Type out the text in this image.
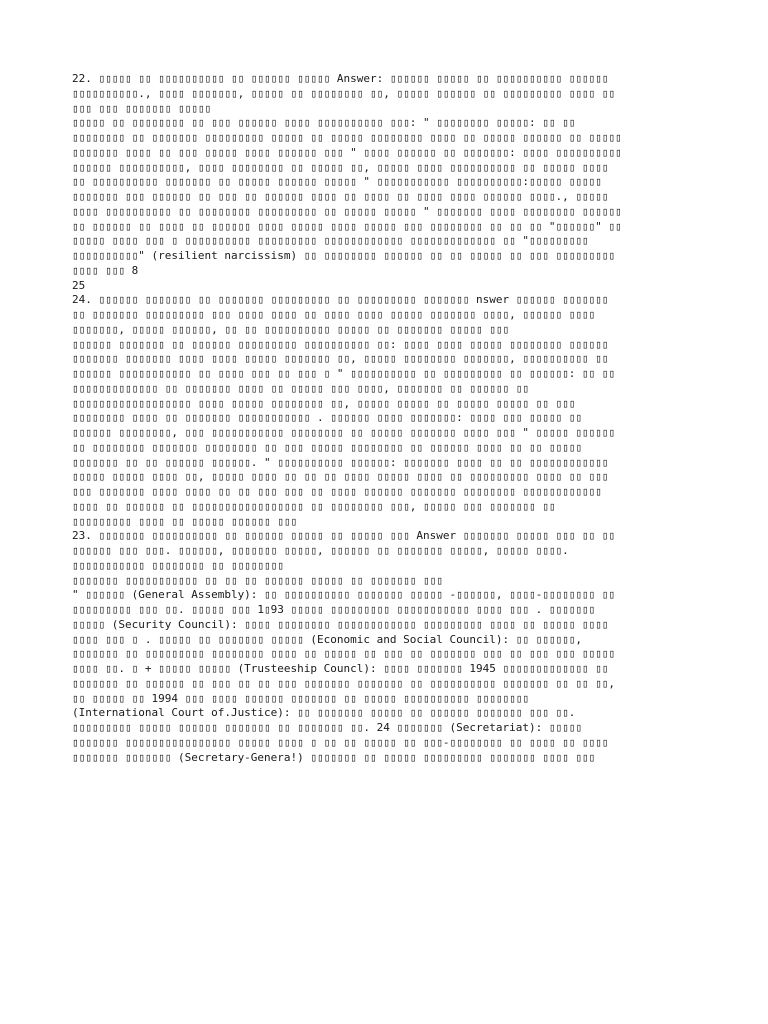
22. ▯▯▯▯▯ ▯▯ ▯▯▯▯▯▯▯▯▯▯ ▯▯ ▯▯▯▯▯▯ ▯▯▯▯▯ Answer: ▯▯▯▯▯▯ ▯▯▯▯▯ ▯▯ ▯▯▯▯▯▯▯▯▯▯ ▯▯▯▯▯▯
▯▯▯▯▯▯▯▯▯▯., ▯▯▯▯ ▯▯▯▯▯▯▯, ▯▯▯▯▯ ▯▯ ▯▯▯▯▯▯▯▯ ▯▯, ▯▯▯▯▯ ▯▯▯▯▯▯ ▯▯ ▯▯▯▯▯▯▯▯▯ ▯▯▯▯ ▯▯
▯▯▯ ▯▯▯ ▯▯▯▯▯▯▯ ▯▯▯▯▯
▯▯▯▯▯ ▯▯ ▯▯▯▯▯▯▯▯ ▯▯ ▯▯▯ ▯▯▯▯▯▯ ▯▯▯▯ ▯▯▯▯▯▯▯▯▯▯ ▯▯▯: " ▯▯▯▯▯▯▯▯ ▯▯▯▯▯: ▯▯ ▯▯
▯▯▯▯▯▯▯▯ ▯▯ ▯▯▯▯▯▯▯ ▯▯▯▯▯▯▯▯▯ ▯▯▯▯▯ ▯▯ ▯▯▯▯▯ ▯▯▯▯▯▯▯▯ ▯▯▯▯ ▯▯ ▯▯▯▯▯ ▯▯▯▯▯▯ ▯▯ ▯▯▯▯▯
▯▯▯▯▯▯▯ ▯▯▯▯ ▯▯ ▯▯▯ ▯▯▯▯▯ ▯▯▯▯ ▯▯▯▯▯▯ ▯▯▯ " ▯▯▯▯ ▯▯▯▯▯▯ ▯▯ ▯▯▯▯▯▯▯: ▯▯▯▯ ▯▯▯▯▯▯▯▯▯▯
▯▯▯▯▯▯ ▯▯▯▯▯▯▯▯▯▯, ▯▯▯▯ ▯▯▯▯▯▯▯▯ ▯▯ ▯▯▯▯▯ ▯▯, ▯▯▯▯▯ ▯▯▯▯ ▯▯▯▯▯▯▯▯▯▯ ▯▯ ▯▯▯▯▯ ▯▯▯▯
▯▯ ▯▯▯▯▯▯▯▯▯▯ ▯▯▯▯▯▯▯ ▯▯ ▯▯▯▯▯ ▯▯▯▯▯▯ ▯▯▯▯▯ " ▯▯▯▯▯▯▯▯▯▯▯ ▯▯▯▯▯▯▯▯▯▯:▯▯▯▯▯ ▯▯▯▯▯
▯▯▯▯▯▯▯ ▯▯▯ ▯▯▯▯▯▯ ▯▯ ▯▯▯ ▯▯ ▯▯▯▯▯▯ ▯▯▯▯ ▯▯ ▯▯▯▯ ▯▯ ▯▯▯▯ ▯▯▯▯ ▯▯▯▯▯▯ ▯▯▯▯., ▯▯▯▯▯
▯▯▯▯ ▯▯▯▯▯▯▯▯▯▯ ▯▯ ▯▯▯▯▯▯▯▯ ▯▯▯▯▯▯▯▯▯ ▯▯ ▯▯▯▯▯ ▯▯▯▯▯ " ▯▯▯▯▯▯▯ ▯▯▯▯ ▯▯▯▯▯▯▯▯ ▯▯▯▯▯▯
▯▯ ▯▯▯▯▯▯ ▯▯ ▯▯▯▯ ▯▯ ▯▯▯▯▯▯ ▯▯▯▯ ▯▯▯▯▯ ▯▯▯▯ ▯▯▯▯▯ ▯▯▯ ▯▯▯▯▯▯▯▯ ▯▯ ▯▯ ▯▯ "▯▯▯▯▯▯" ▯▯
▯▯▯▯▯ ▯▯▯▯ ▯▯▯ ▯ ▯▯▯▯▯▯▯▯▯▯ ▯▯▯▯▯▯▯▯▯ ▯▯▯▯▯▯▯▯▯▯▯▯ ▯▯▯▯▯▯▯▯▯▯▯▯▯ ▯▯ "▯▯▯▯▯▯▯▯▯
▯▯▯▯▯▯▯▯▯▯" (resilient narcissism) ▯▯ ▯▯▯▯▯▯▯▯ ▯▯▯▯▯▯ ▯▯ ▯▯ ▯▯▯▯▯ ▯▯ ▯▯▯ ▯▯▯▯▯▯▯▯▯
▯▯▯▯ ▯▯▯ 8
25
24. ▯▯▯▯▯▯ ▯▯▯▯▯▯▯ ▯▯ ▯▯▯▯▯▯▯ ▯▯▯▯▯▯▯▯▯ ▯▯ ▯▯▯▯▯▯▯▯▯ ▯▯▯▯▯▯▯ nswer ▯▯▯▯▯▯ ▯▯▯▯▯▯▯
▯▯ ▯▯▯▯▯▯▯ ▯▯▯▯▯▯▯▯▯ ▯▯▯ ▯▯▯▯ ▯▯▯▯ ▯▯ ▯▯▯▯ ▯▯▯▯ ▯▯▯▯▯ ▯▯▯▯▯▯▯ ▯▯▯▯, ▯▯▯▯▯▯ ▯▯▯▯
▯▯▯▯▯▯▯, ▯▯▯▯▯ ▯▯▯▯▯▯, ▯▯ ▯▯ ▯▯▯▯▯▯▯▯▯▯ ▯▯▯▯▯ ▯▯ ▯▯▯▯▯▯▯ ▯▯▯▯▯ ▯▯▯
▯▯▯▯▯▯ ▯▯▯▯▯▯▯ ▯▯ ▯▯▯▯▯▯ ▯▯▯▯▯▯▯▯▯ ▯▯▯▯▯▯▯▯▯▯ ▯▯: ▯▯▯▯ ▯▯▯▯ ▯▯▯▯▯ ▯▯▯▯▯▯▯▯ ▯▯▯▯▯▯
▯▯▯▯▯▯▯ ▯▯▯▯▯▯▯ ▯▯▯▯ ▯▯▯▯ ▯▯▯▯▯ ▯▯▯▯▯▯▯ ▯▯, ▯▯▯▯▯ ▯▯▯▯▯▯▯▯ ▯▯▯▯▯▯▯, ▯▯▯▯▯▯▯▯▯▯ ▯▯
▯▯▯▯▯▯ ▯▯▯▯▯▯▯▯▯▯▯ ▯▯ ▯▯▯▯ ▯▯▯ ▯▯ ▯▯▯ ▯ " ▯▯▯▯▯▯▯▯▯▯ ▯▯ ▯▯▯▯▯▯▯▯▯ ▯▯ ▯▯▯▯▯▯: ▯▯ ▯▯
▯▯▯▯▯▯▯▯▯▯▯▯▯ ▯▯ ▯▯▯▯▯▯▯ ▯▯▯▯ ▯▯ ▯▯▯▯▯ ▯▯▯ ▯▯▯▯, ▯▯▯▯▯▯▯ ▯▯ ▯▯▯▯▯▯ ▯▯
▯▯▯▯▯▯▯▯▯▯▯▯▯▯▯▯▯▯ ▯▯▯▯ ▯▯▯▯▯ ▯▯▯▯▯▯▯▯ ▯▯, ▯▯▯▯▯ ▯▯▯▯▯ ▯▯ ▯▯▯▯▯ ▯▯▯▯▯ ▯▯ ▯▯▯
▯▯▯▯▯▯▯▯ ▯▯▯▯ ▯▯ ▯▯▯▯▯▯▯ ▯▯▯▯▯▯▯▯▯▯▯ . ▯▯▯▯▯▯ ▯▯▯▯ ▯▯▯▯▯▯▯: ▯▯▯▯ ▯▯▯ ▯▯▯▯▯ ▯▯
▯▯▯▯▯▯ ▯▯▯▯▯▯▯▯, ▯▯▯ ▯▯▯▯▯▯▯▯▯▯▯ ▯▯▯▯▯▯▯▯ ▯▯ ▯▯▯▯▯ ▯▯▯▯▯▯▯ ▯▯▯▯ ▯▯▯ " ▯▯▯▯▯ ▯▯▯▯▯▯
▯▯ ▯▯▯▯▯▯▯▯ ▯▯▯▯▯▯▯ ▯▯▯▯▯▯▯▯ ▯▯ ▯▯▯ ▯▯▯▯▯ ▯▯▯▯▯▯▯▯ ▯▯ ▯▯▯▯▯▯ ▯▯▯▯ ▯▯ ▯▯ ▯▯▯▯▯
▯▯▯▯▯▯▯ ▯▯ ▯▯ ▯▯▯▯▯▯ ▯▯▯▯▯▯. " ▯▯▯▯▯▯▯▯▯▯ ▯▯▯▯▯▯: ▯▯▯▯▯▯▯ ▯▯▯▯ ▯▯ ▯▯ ▯▯▯▯▯▯▯▯▯▯▯▯
▯▯▯▯▯ ▯▯▯▯▯ ▯▯▯▯ ▯▯, ▯▯▯▯▯ ▯▯▯▯ ▯▯ ▯▯ ▯▯ ▯▯▯▯ ▯▯▯▯▯ ▯▯▯▯ ▯▯ ▯▯▯▯▯▯▯▯▯ ▯▯▯▯ ▯▯ ▯▯▯
▯▯▯ ▯▯▯▯▯▯▯ ▯▯▯▯ ▯▯▯▯ ▯▯ ▯▯ ▯▯▯ ▯▯▯ ▯▯ ▯▯▯▯ ▯▯▯▯▯▯ ▯▯▯▯▯▯▯ ▯▯▯▯▯▯▯▯ ▯▯▯▯▯▯▯▯▯▯▯▯
▯▯▯▯ ▯▯ ▯▯▯▯▯▯ ▯▯ ▯▯▯▯▯▯▯▯▯▯▯▯▯▯▯▯▯ ▯▯ ▯▯▯▯▯▯▯▯ ▯▯▯, ▯▯▯▯▯ ▯▯▯ ▯▯▯▯▯▯▯ ▯▯
▯▯▯▯▯▯▯▯▯ ▯▯▯▯ ▯▯ ▯▯▯▯▯ ▯▯▯▯▯▯ ▯▯▯
23. ▯▯▯▯▯▯▯ ▯▯▯▯▯▯▯▯▯▯ ▯▯ ▯▯▯▯▯▯ ▯▯▯▯▯ ▯▯ ▯▯▯▯▯ ▯▯▯ Answer ▯▯▯▯▯▯▯ ▯▯▯▯▯ ▯▯▯ ▯▯ ▯▯
▯▯▯▯▯▯ ▯▯▯ ▯▯▯. ▯▯▯▯▯▯, ▯▯▯▯▯▯▯ ▯▯▯▯▯, ▯▯▯▯▯▯ ▯▯ ▯▯▯▯▯▯▯ ▯▯▯▯▯, ▯▯▯▯▯ ▯▯▯▯.
▯▯▯▯▯▯▯▯▯▯▯ ▯▯▯▯▯▯▯▯ ▯▯ ▯▯▯▯▯▯▯▯
▯▯▯▯▯▯▯ ▯▯▯▯▯▯▯▯▯▯▯ ▯▯ ▯▯ ▯▯ ▯▯▯▯▯▯ ▯▯▯▯▯ ▯▯ ▯▯▯▯▯▯▯ ▯▯▯
" ▯▯▯▯▯▯ (General Assembly): ▯▯ ▯▯▯▯▯▯▯▯▯▯ ▯▯▯▯▯▯▯ ▯▯▯▯▯ -▯▯▯▯▯▯, ▯▯▯▯-▯▯▯▯▯▯▯▯ ▯▯
▯▯▯▯▯▯▯▯▯ ▯▯▯ ▯▯. ▯▯▯▯▯ ▯▯▯ 1▯93 ▯▯▯▯▯ ▯▯▯▯▯▯▯▯▯ ▯▯▯▯▯▯▯▯▯▯▯ ▯▯▯▯ ▯▯▯ . ▯▯▯▯▯▯▯
▯▯▯▯▯ (Security Council): ▯▯▯▯ ▯▯▯▯▯▯▯▯ ▯▯▯▯▯▯▯▯▯▯▯▯ ▯▯▯▯▯▯▯▯▯ ▯▯▯▯ ▯▯ ▯▯▯▯▯ ▯▯▯▯
▯▯▯▯ ▯▯▯ ▯ . ▯▯▯▯▯ ▯▯ ▯▯▯▯▯▯▯ ▯▯▯▯▯ (Economic and Social Council): ▯▯ ▯▯▯▯▯▯,
▯▯▯▯▯▯▯ ▯▯ ▯▯▯▯▯▯▯▯▯ ▯▯▯▯▯▯▯▯ ▯▯▯▯ ▯▯ ▯▯▯▯▯ ▯▯ ▯▯▯ ▯▯ ▯▯▯▯▯▯▯ ▯▯▯ ▯▯ ▯▯▯ ▯▯▯ ▯▯▯▯▯
▯▯▯▯ ▯▯. ▯ + ▯▯▯▯▯ ▯▯▯▯▯ (Trusteeship Councl): ▯▯▯▯ ▯▯▯▯▯▯▯ 1945 ▯▯▯▯▯▯▯▯▯▯▯▯▯ ▯▯
▯▯▯▯▯▯▯ ▯▯ ▯▯▯▯▯▯ ▯▯ ▯▯▯ ▯▯ ▯▯ ▯▯▯ ▯▯▯▯▯▯▯ ▯▯▯▯▯▯▯ ▯▯ ▯▯▯▯▯▯▯▯▯▯ ▯▯▯▯▯▯▯ ▯▯ ▯▯ ▯▯,
▯▯ ▯▯▯▯▯ ▯▯ 1994 ▯▯▯ ▯▯▯▯ ▯▯▯▯▯▯ ▯▯▯▯▯▯▯ ▯▯ ▯▯▯▯▯ ▯▯▯▯▯▯▯▯▯▯ ▯▯▯▯▯▯▯▯
(International Court of.Justice): ▯▯ ▯▯▯▯▯▯▯ ▯▯▯▯▯ ▯▯ ▯▯▯▯▯▯ ▯▯▯▯▯▯▯ ▯▯▯ ▯▯.
▯▯▯▯▯▯▯▯▯ ▯▯▯▯▯ ▯▯▯▯▯▯ ▯▯▯▯▯▯▯ ▯▯ ▯▯▯▯▯▯▯ ▯▯. 24 ▯▯▯▯▯▯▯ (Secretariat): ▯▯▯▯▯
▯▯▯▯▯▯▯ ▯▯▯▯▯▯▯▯▯▯▯▯▯▯▯▯ ▯▯▯▯▯ ▯▯▯▯ ▯ ▯▯ ▯▯ ▯▯▯▯▯ ▯▯ ▯▯▯-▯▯▯▯▯▯▯▯ ▯▯ ▯▯▯▯ ▯▯ ▯▯▯▯
▯▯▯▯▯▯▯ ▯▯▯▯▯▯▯ (Secretary-Genera!) ▯▯▯▯▯▯▯ ▯▯ ▯▯▯▯▯ ▯▯▯▯▯▯▯▯▯ ▯▯▯▯▯▯▯ ▯▯▯▯ ▯▯▯
